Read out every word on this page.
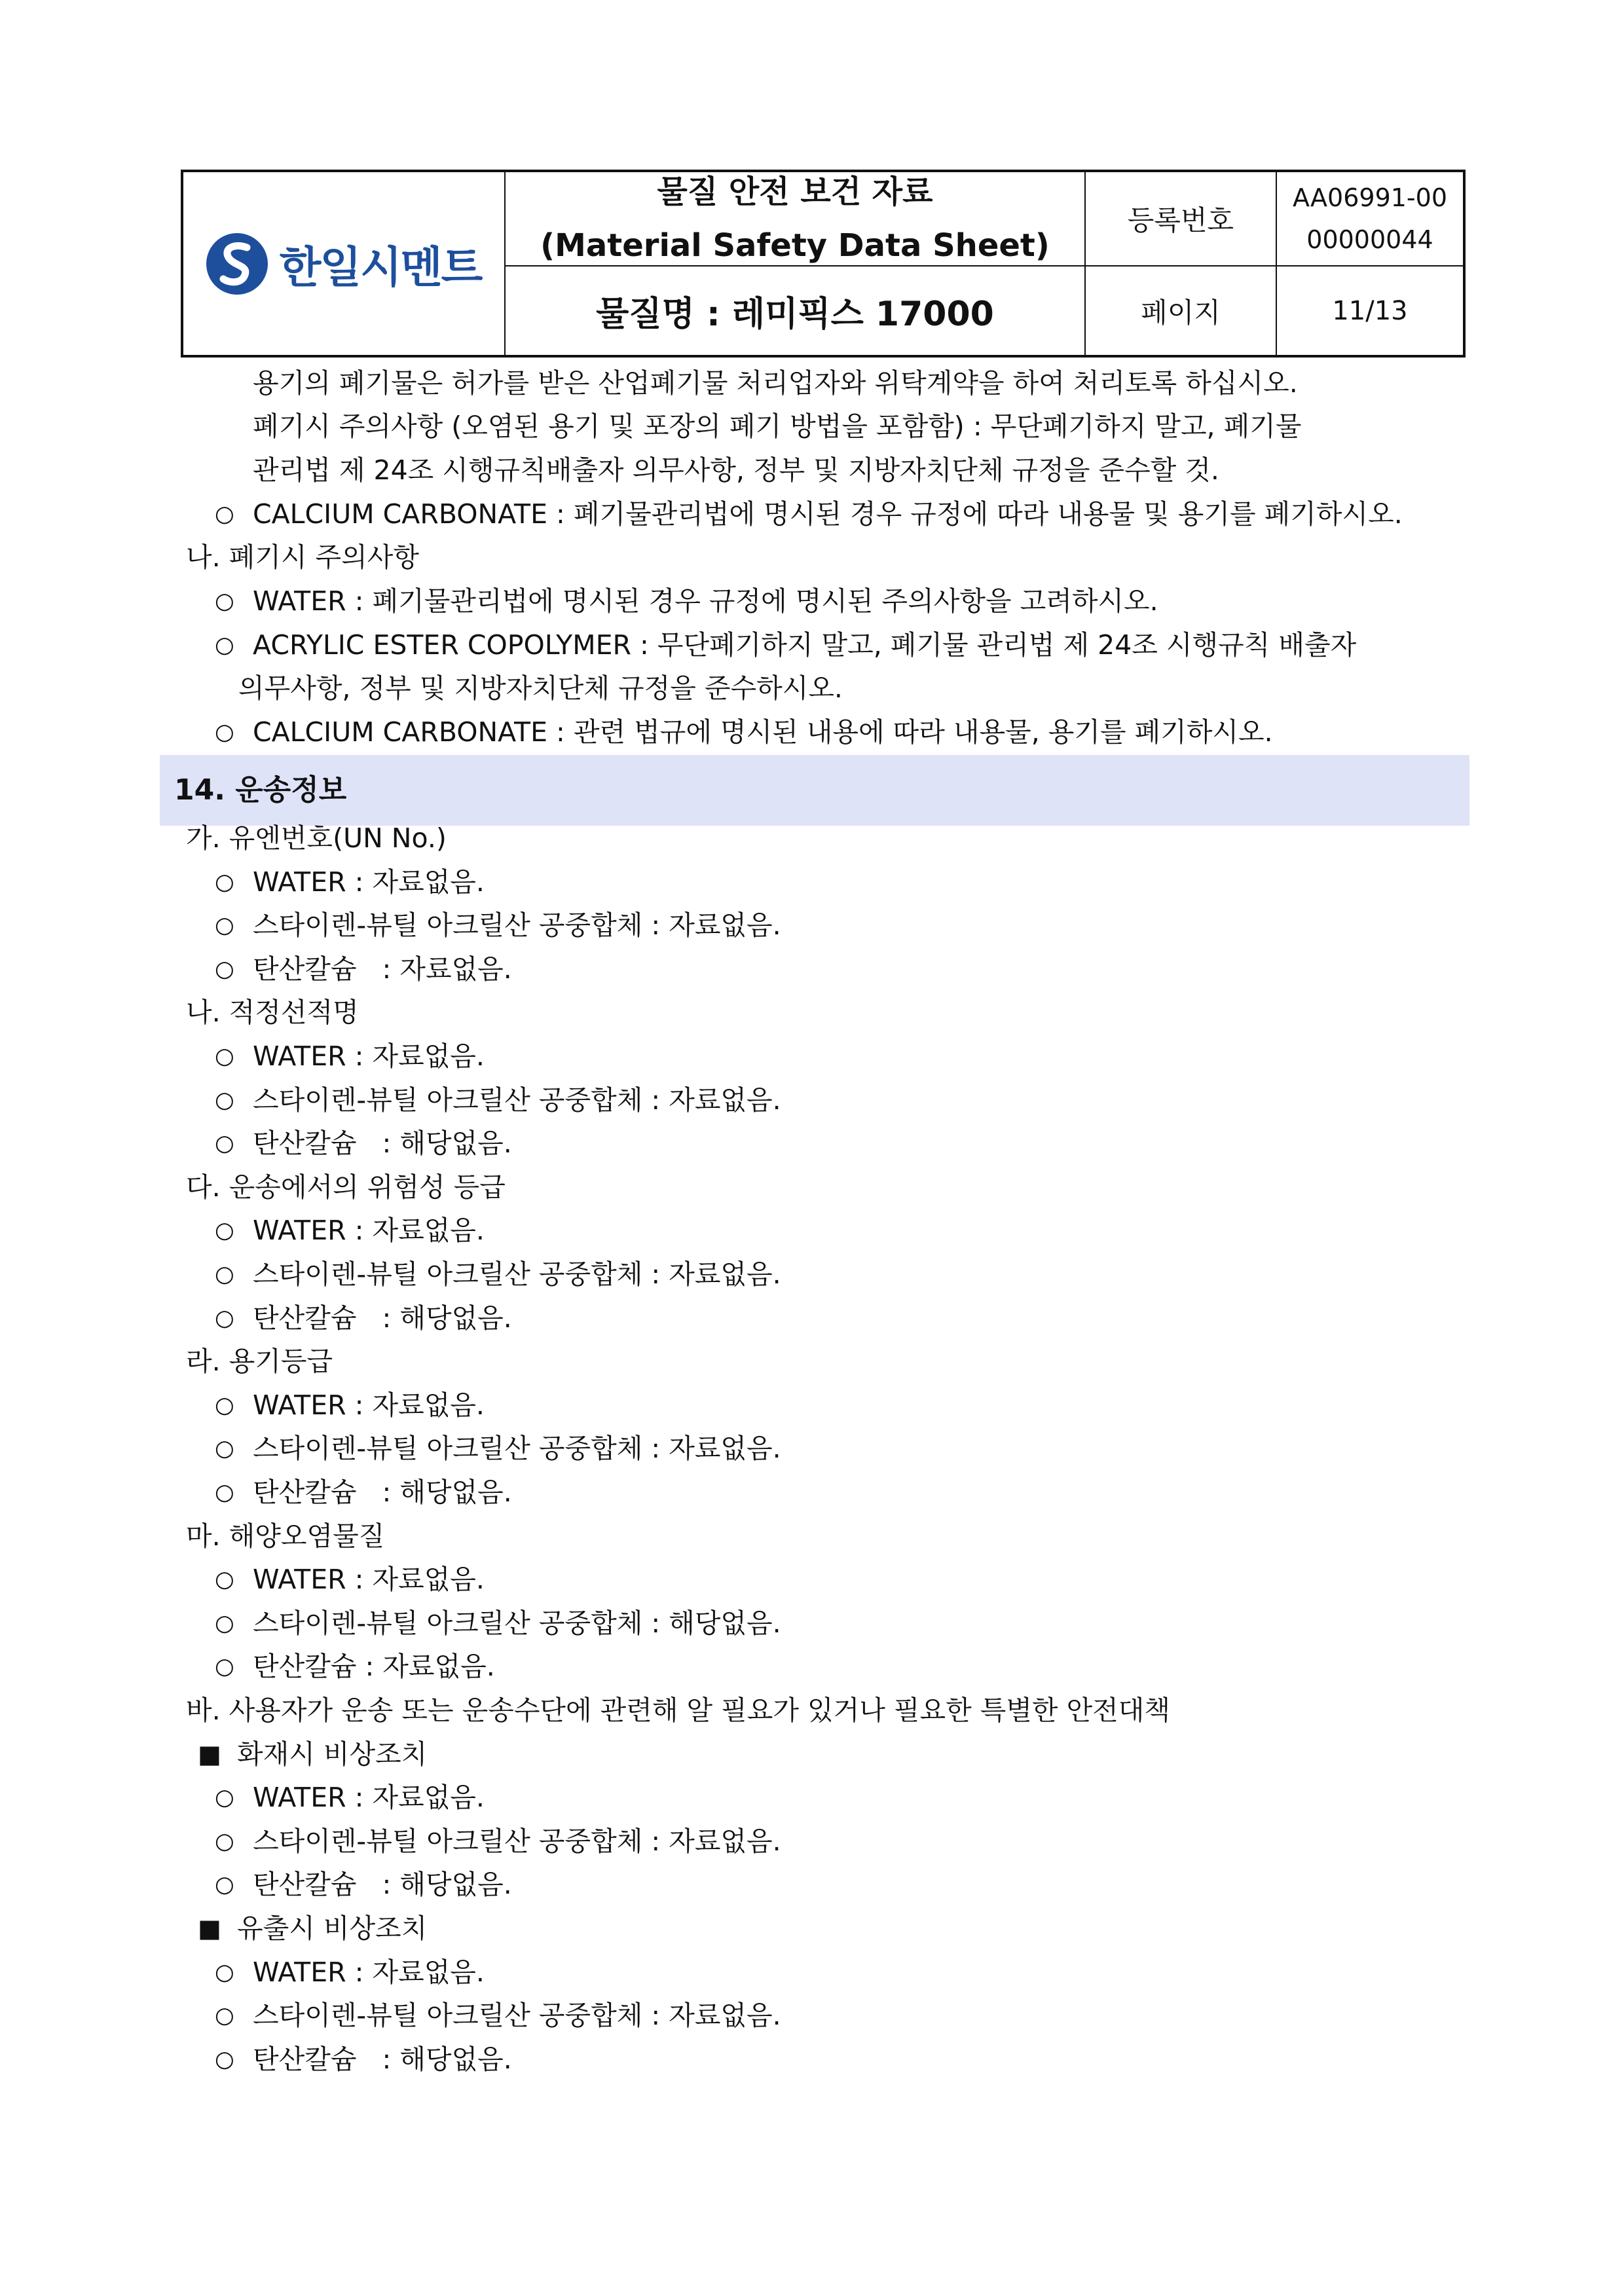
한일시멘트
물질 안전 보건 자료
(Material Safety Data Sheet)
물질명 : 레미픽스 17000
등록번호
AA06991-00
00000044
페이지	11/13
용기의 폐기물은 허가를 받은 산업폐기물 처리업자와 위탁계약을 하여 처리토록 하십시오.
폐기시 주의사항 (오염된 용기 및 포장의 폐기 방법을 포함함) : 무단폐기하지 말고, 폐기물
관리법 제 24조 시행규칙배출자 의무사항, 정부 및 지방자치단체 규정을 준수할 것.
○ CALCIUM CARBONATE : 폐기물관리법에 명시된 경우 규정에 따라 내용물 및 용기를 폐기하시오.
나. 폐기시 주의사항
○ WATER : 폐기물관리법에 명시된 경우 규정에 명시된 주의사항을 고려하시오.
○ ACRYLIC ESTER COPOLYMER : 무단폐기하지 말고, 폐기물 관리법 제 24조 시행규칙 배출자
의무사항, 정부 및 지방자치단체 규정을 준수하시오.
○ CALCIUM CARBONATE : 관련 법규에 명시된 내용에 따라 내용물, 용기를 폐기하시오.
14. 운송정보
가. 유엔번호(UN No.)
○ WATER : 자료없음.
○ 스타이렌-뷰틸 아크릴산 공중합체 : 자료없음.
○ 탄산칼슘   : 자료없음.
나. 적정선적명
○ WATER : 자료없음.
○ 스타이렌-뷰틸 아크릴산 공중합체 : 자료없음.
○ 탄산칼슘   : 해당없음.
다. 운송에서의 위험성 등급
○ WATER : 자료없음.
○ 스타이렌-뷰틸 아크릴산 공중합체 : 자료없음.
○ 탄산칼슘   : 해당없음.
라. 용기등급
○ WATER : 자료없음.
○ 스타이렌-뷰틸 아크릴산 공중합체 : 자료없음.
○ 탄산칼슘   : 해당없음.
마. 해양오염물질
○ WATER : 자료없음.
○ 스타이렌-뷰틸 아크릴산 공중합체 : 해당없음.
○ 탄산칼슘 : 자료없음.
바. 사용자가 운송 또는 운송수단에 관련해 알 필요가 있거나 필요한 특별한 안전대책
■ 화재시 비상조치
○ WATER : 자료없음.
○ 스타이렌-뷰틸 아크릴산 공중합체 : 자료없음.
○ 탄산칼슘   : 해당없음.
■ 유출시 비상조치
○ WATER : 자료없음.
○ 스타이렌-뷰틸 아크릴산 공중합체 : 자료없음.
○ 탄산칼슘   : 해당없음.
